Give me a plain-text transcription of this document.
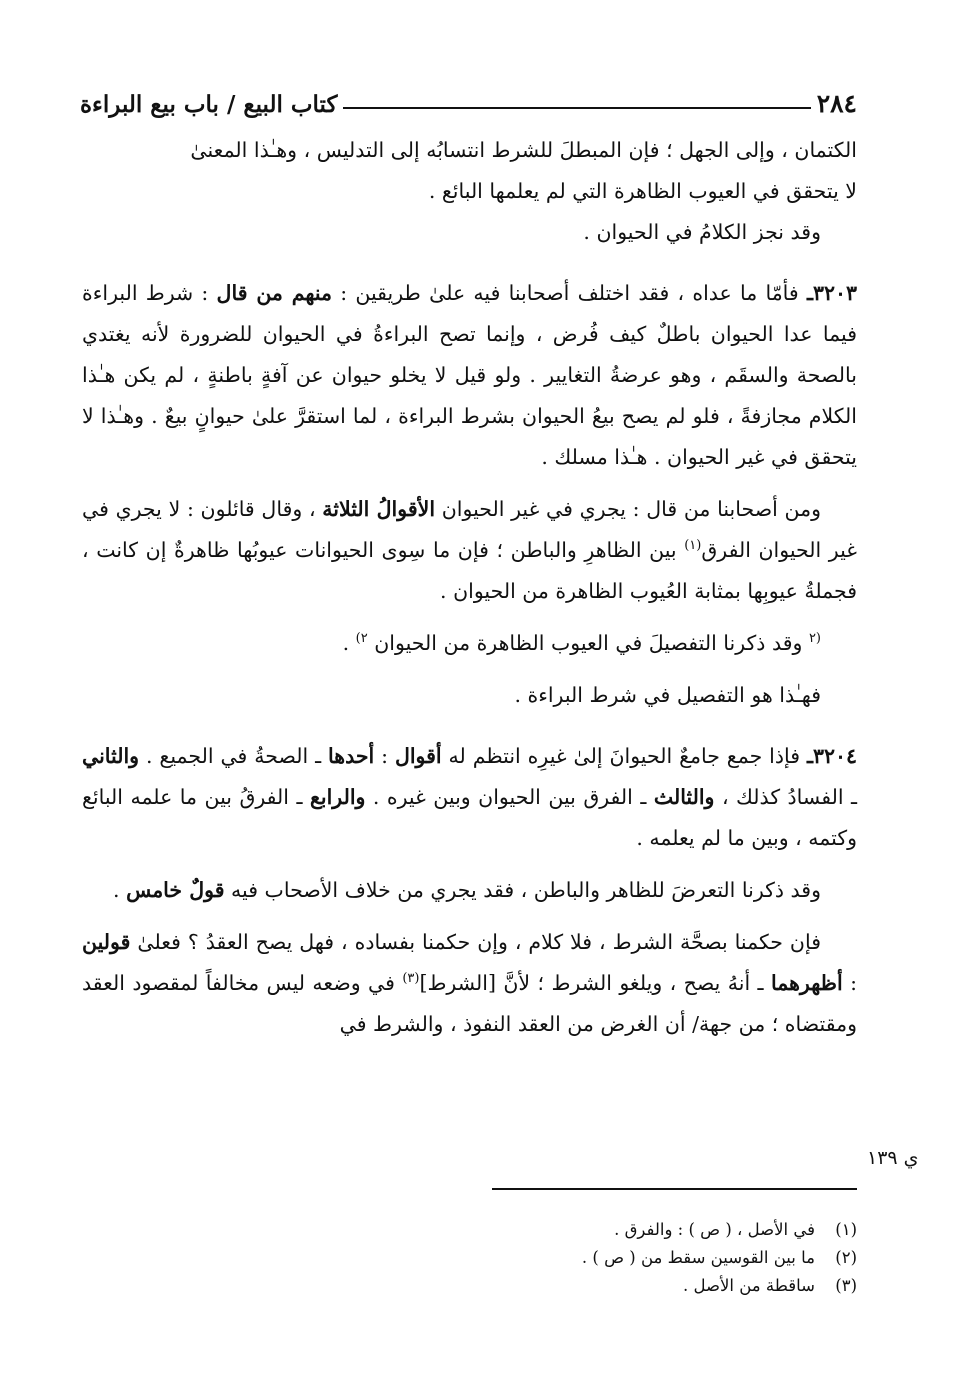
٢٨٤
كتاب البيع / باب بيع البراءة

الكتمان ، وإلى الجهل ؛ فإن المبطلَ للشرط انتسابُه إلى التدليس ، وهـٰذا المعنىٰ
لا يتحقق في العيوب الظاهرة التي لم يعلمها البائع .

وقد نجز الكلامُ في الحيوان .

٣٢٠٣ـ فأمّا ما عداه ، فقد اختلف أصحابنا فيه علىٰ طريقين : منهم من قال : شرط البراءة فيما عدا الحيوان باطلٌ كيف فُرض ، وإنما تصح البراءةُ في الحيوان للضرورة لأنه يغتدي بالصحة والسقَم ، وهو عرضةُ التغايير . ولو قيل لا يخلو حيوان عن آفةٍ باطنةٍ ، لم يكن هـٰذا الكلام مجازفةً ، فلو لم يصح بيعُ الحيوان بشرط البراءة ، لما استقرَّ علىٰ حيوانٍ بيعٌ . وهـٰذا لا يتحقق في غير الحيوان . هـٰذا مسلك .

ومن أصحابنا من قال : يجري في غير الحيوان الأقوالُ الثلاثة ، وقال قائلون : لا يجري في غير الحيوان الفرق$^{(١)}$ بين الظاهرِ والباطن ؛ فإن ما سِوى الحيوانات عيوبُها ظاهرةٌ إن كانت ، فجملةُ عيوبِها بمثابة العُيوب الظاهرة من الحيوان .

$^{(٢}$ وقد ذكرنا التفصيلَ في العيوب الظاهرة من الحيوان $^{٢)}$ .

فهـٰذا هو التفصيل في شرط البراءة .

٣٢٠٤ـ فإذا جمع جامعٌ الحيوانَ إلىٰ غيرِه انتظم له أقوال : أحدها ـ الصحةُ في الجميع . والثاني ـ الفسادُ كذلك ، والثالث ـ الفرق بين الحيوان وبين غيره . والرابع ـ الفرقُ بين ما علمه البائع وكتمه ، وبين ما لم يعلمه .

وقد ذكرنا التعرضَ للظاهر والباطن ، فقد يجري من خلاف الأصحاب فيه قولٌ خامس .

فإن حكمنا بصحَّة الشرط ، فلا كلام ، وإن حكمنا بفساده ، فهل يصح العقدُ ؟ فعلىٰ قولين : أظهرهما ـ أنهُ يصح ، ويلغو الشرط ؛ لأنَّ [الشرط]$^{(٣)}$ في وضعه ليس مخالفاً لمقصود العقد ومقتضاه ؛ من جهة/ أن الغرض من العقد النفوذ ، والشرط في

ي ١٣٩
(١)
في الأصل ، ( ص ) : والفرق .
(٢)
ما بين القوسين سقط من ( ص ) .
(٣)
ساقطة من الأصل .
